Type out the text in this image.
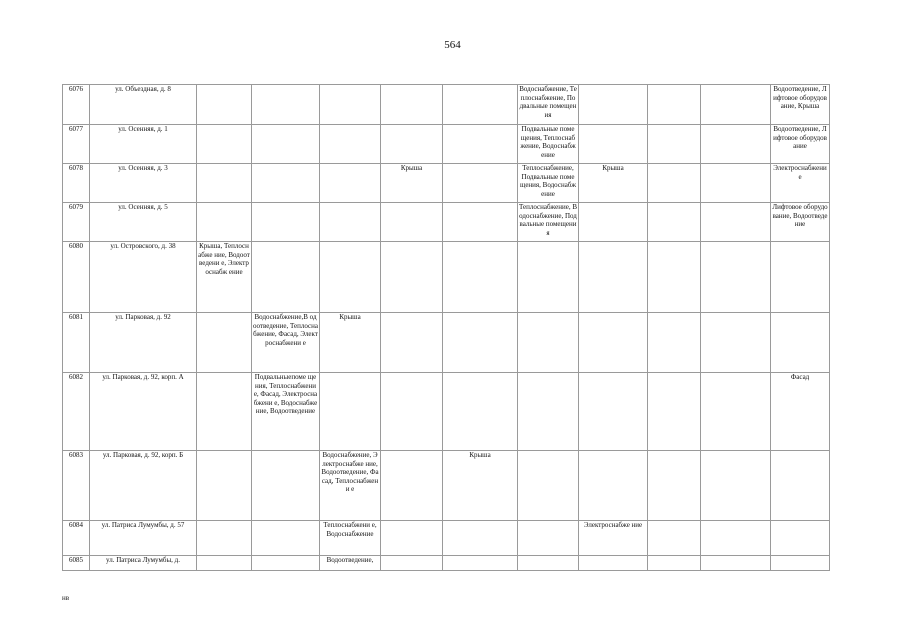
564
6076	ул. Объездная, д. 8						Водоснабжение, Теплоснабжение, Подвальные помещения				Водоотведение, Лифтовое оборудование, Крыша
6077	ул. Осенняя, д. 1						Подвальные помещения, Теплоснабжение, Водоснабжение				Водоотведение, Лифтовое оборудование
6078	ул. Осенняя, д. 3				Крыша		Теплоснабжение, Подвальные помещения, Водоснабжение	Крыша			Электроснабжение
6079	ул. Осенняя, д. 5						Теплоснабжение, Водоснабжение, Подвальные помещения				Лифтовое оборудование, Водоотведение
6080	ул. Островского, д. 38	Крыша, Теплоснабже ние, Водоотведени е, Электроснабж ение									
6081	ул. Парковая, д. 92		Водоснабжение,В одоотведение, Теплоснабжение, Фасад, Электроснабжени е	Крыша							
6082	ул. Парковая, д. 92, корп. А		Подвальныепоме щения, Теплоснабжение, Фасад, Электроснабжени е, Водоснабжение, Водоотведение								Фасад
6083	ул. Парковая, д. 92, корп. Б			Водоснабжение, Электроснабже ние, Водоотведение, Фасад, Теплоснабжени е		Крыша					
6084	ул. Патриса Лумумбы, д. 57			Теплоснабжени е, Водоснабжение				Электроснабже ние			
6085	ул. Патриса Лумумбы, д.			Водоотведение,							
нв
